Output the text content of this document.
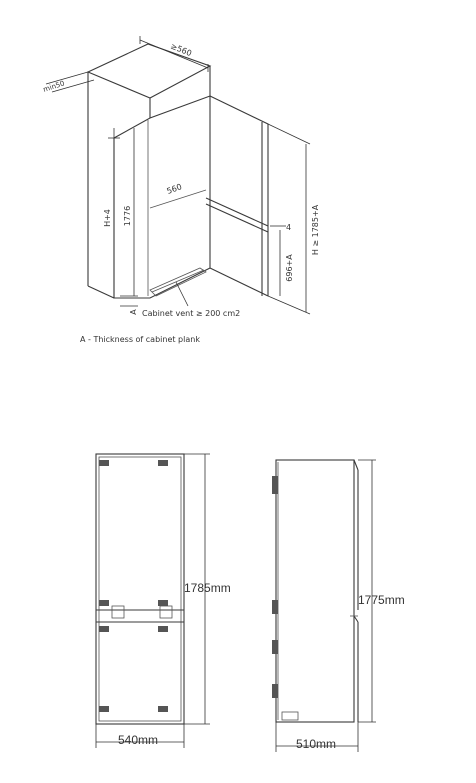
≥560
min50
H+4 1776
560
H ≥ 1785+A
696+A
4
A Cabinet vent ≥ 200 cm2
A - Thickness of cabinet plank
1785mm
540mm
1775mm
510mm
